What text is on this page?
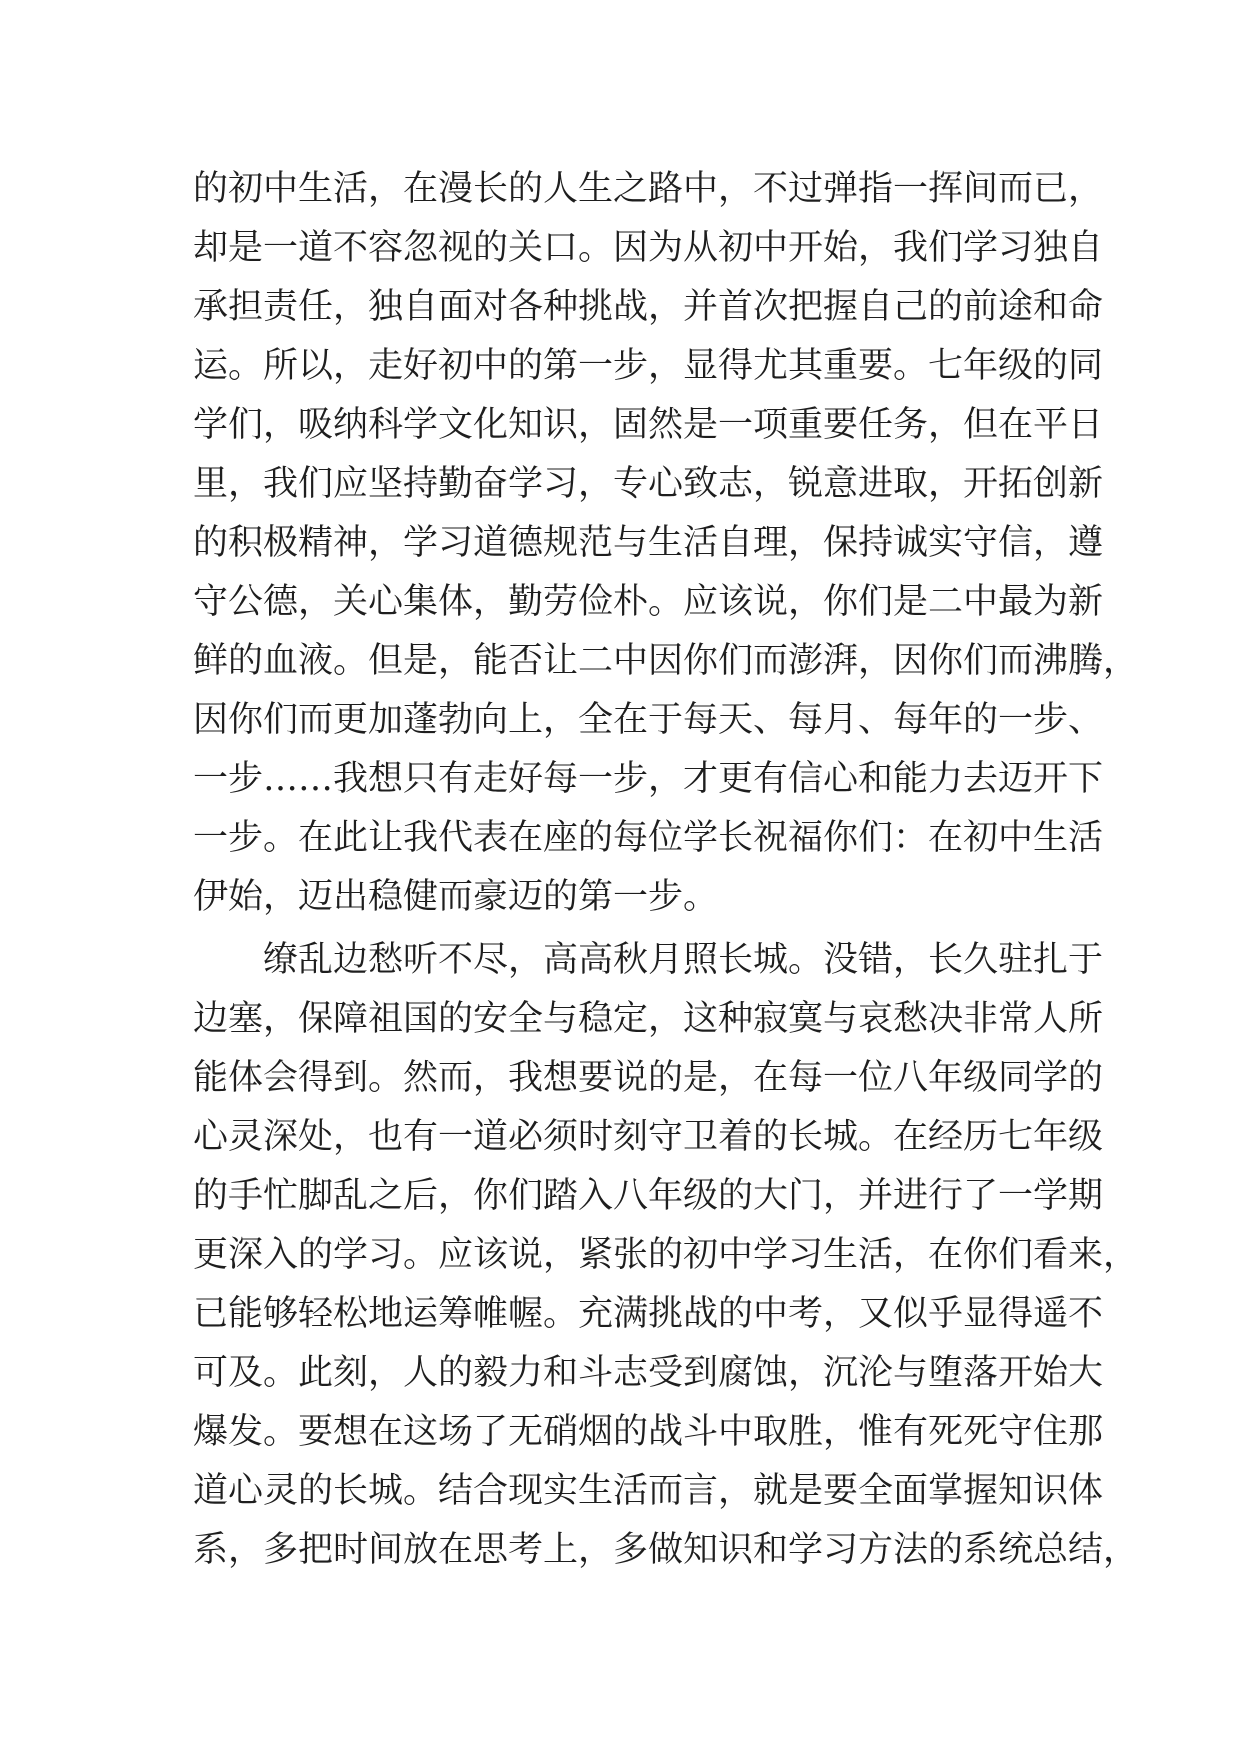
的初中生活，在漫长的人生之路中，不过弹指一挥间而已，
却是一道不容忽视的关口。因为从初中开始，我们学习独自
承担责任，独自面对各种挑战，并首次把握自己的前途和命
运。所以，走好初中的第一步，显得尤其重要。七年级的同
学们，吸纳科学文化知识，固然是一项重要任务，但在平日
里，我们应坚持勤奋学习，专心致志，锐意进取，开拓创新
的积极精神，学习道德规范与生活自理，保持诚实守信，遵
守公德，关心集体，勤劳俭朴。应该说，你们是二中最为新
鲜的血液。但是，能否让二中因你们而澎湃，因你们而沸腾，
因你们而更加蓬勃向上，全在于每天、每月、每年的一步、
一步……我想只有走好每一步，才更有信心和能力去迈开下
一步。在此让我代表在座的每位学长祝福你们：在初中生活
伊始，迈出稳健而豪迈的第一步。
缭乱边愁听不尽，高高秋月照长城。没错，长久驻扎于
边塞，保障祖国的安全与稳定，这种寂寞与哀愁决非常人所
能体会得到。然而，我想要说的是，在每一位八年级同学的
心灵深处，也有一道必须时刻守卫着的长城。在经历七年级
的手忙脚乱之后，你们踏入八年级的大门，并进行了一学期
更深入的学习。应该说，紧张的初中学习生活，在你们看来，
已能够轻松地运筹帷幄。充满挑战的中考，又似乎显得遥不
可及。此刻，人的毅力和斗志受到腐蚀，沉沦与堕落开始大
爆发。要想在这场了无硝烟的战斗中取胜，惟有死死守住那
道心灵的长城。结合现实生活而言，就是要全面掌握知识体
系，多把时间放在思考上，多做知识和学习方法的系统总结，
